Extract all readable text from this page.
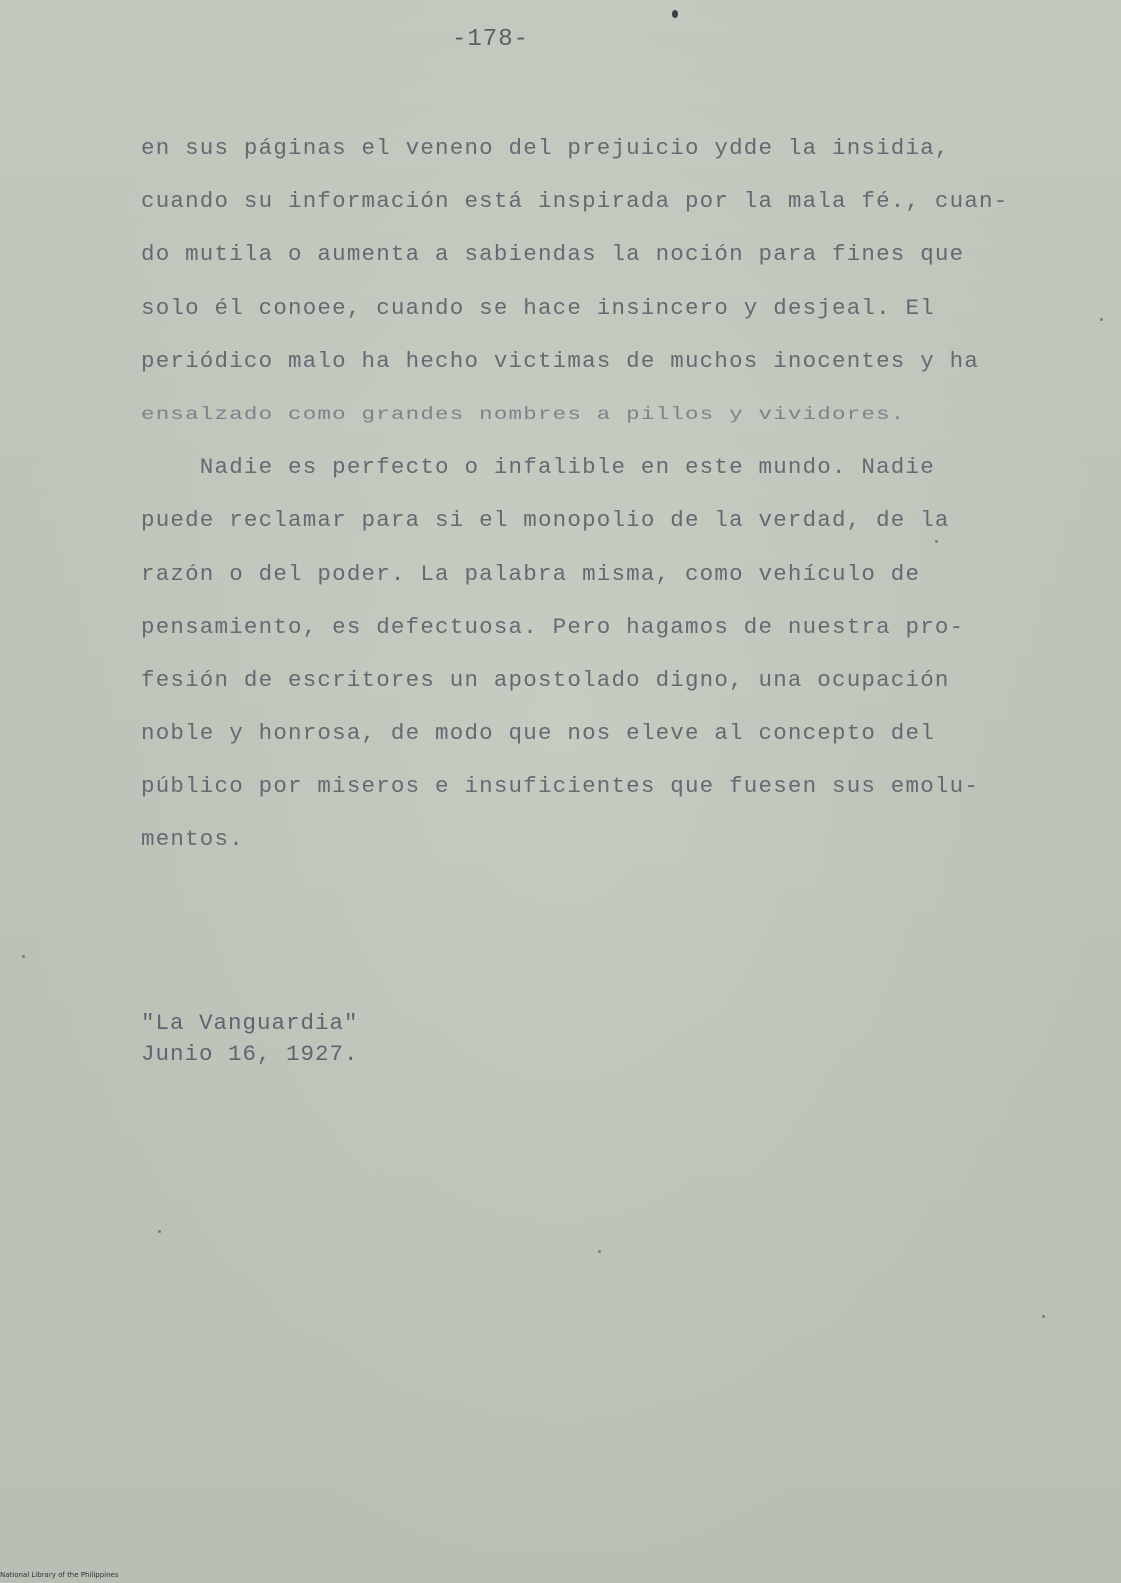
-178-
en sus páginas el veneno del prejuicio ydde la insidia,
cuando su información está inspirada por la mala fé., cuan-
do mutila o aumenta a sabiendas la noción para fines que
solo él conoee, cuando se hace insincero y desjeal. El
periódico malo ha hecho victimas de muchos inocentes y ha
ensalzado como grandes nombres a pillos y vividores.
Nadie es perfecto o infalible en este mundo. Nadie
puede reclamar para si el monopolio de la verdad, de la
razón o del poder. La palabra misma, como vehículo de
pensamiento, es defectuosa. Pero hagamos de nuestra pro-
fesión de escritores un apostolado digno, una ocupación
noble y honrosa, de modo que nos eleve al concepto del
público por miseros e insuficientes que fuesen sus emolu-
mentos.
"La Vanguardia"
Junio 16, 1927.
National Library of the Philippines
